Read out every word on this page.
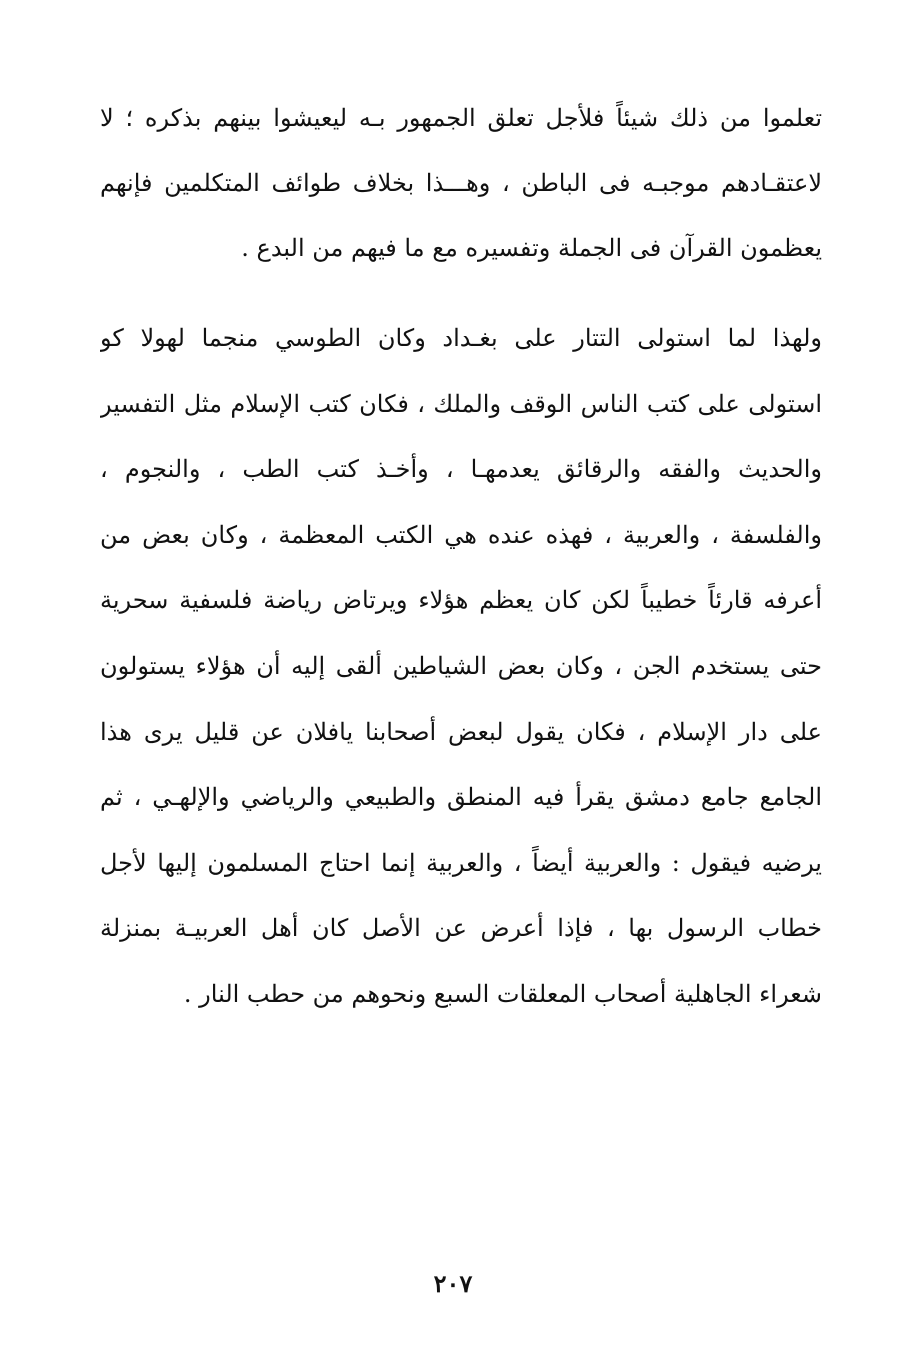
تعلموا من ذلك شيئاً فلأجل تعلق الجمهور بـه ليعيشوا بينهم بذكره ؛ لا
لاعتقـادهم موجبـه فى الباطن ، وهـــذا بخلاف طوائف المتكلمين فإنهم
يعظمون القرآن فى الجملة وتفسيره مع ما فيهم من البدع .
ولهذا لما استولى التتار على بغـداد وكان الطوسي منجما لهولا كو
استولى على كتب الناس الوقف والملك ، فكان كتب الإسلام مثل التفسير
والحديث والفقه والرقائق يعدمهـا ، وأخـذ كتب الطب ، والنجوم ،
والفلسفة ، والعربية ، فهذه عنده هي الكتب المعظمة ، وكان بعض من
أعرفه قارئاً خطيباً لكن كان يعظم هؤلاء ويرتاض رياضة فلسفية سحرية
حتى يستخدم الجن ، وكان بعض الشياطين ألقى إليه أن هؤلاء يستولون
على دار الإسلام ، فكان يقول لبعض أصحابنا يافلان عن قليل يرى هذا
الجامع جامع دمشق يقرأ فيه المنطق والطبيعي والرياضي والإلهـي ، ثم
يرضيه فيقول : والعربية أيضاً ، والعربية إنما احتاج المسلمون إليها لأجل
خطاب الرسول بها ، فإذا أعرض عن الأصل كان أهل العربيـة بمنزلة
شعراء الجاهلية أصحاب المعلقات السبع ونحوهم من حطب النار .
٢٠٧
